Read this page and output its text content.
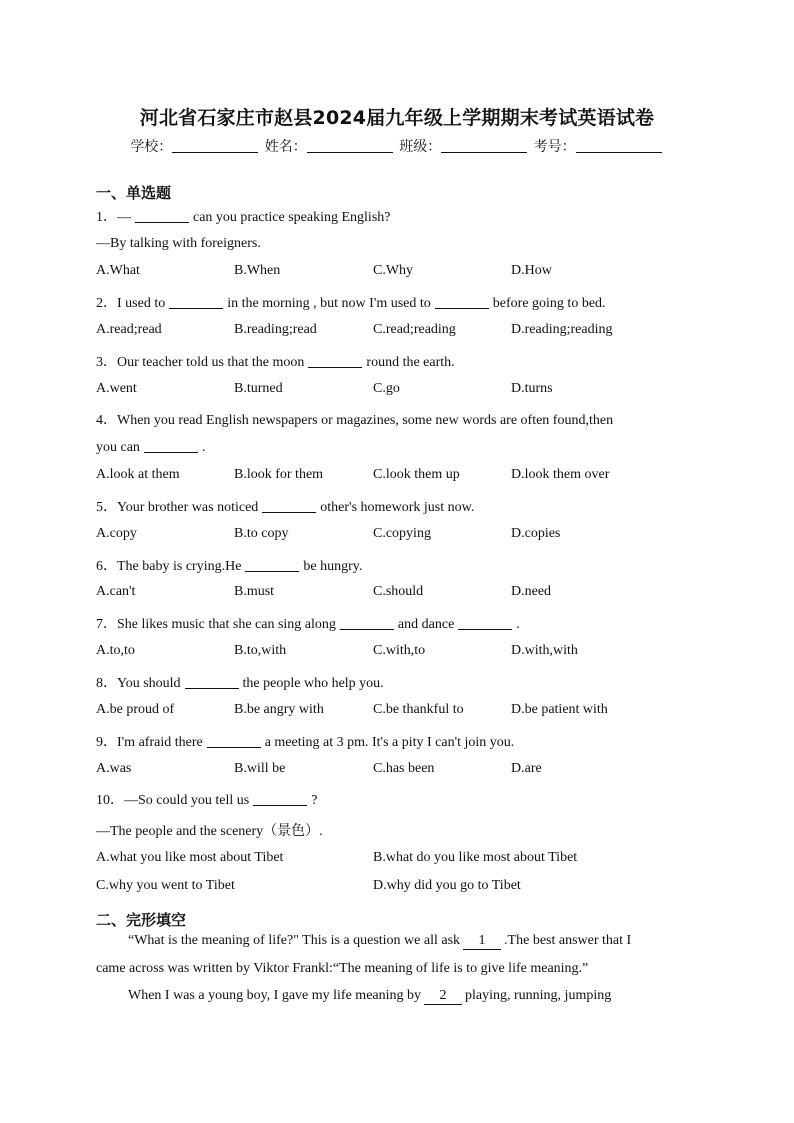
河北省石家庄市赵县2024届九年级上学期期末考试英语试卷
学校：	姓名：	班级：	考号：
一、单选题
1．—	can you practice speaking English?
—By talking with foreigners.
A.What	B.When	C.Why	D.How
2．I used to	in the morning , but now I'm used to	before going to bed.
A.read;read	B.reading;read	C.read;reading	D.reading;reading
3．Our teacher told us that the moon	round the earth.
A.went	B.turned	C.go	D.turns
4．When you read English newspapers or magazines, some new words are often found,then
you can	.
A.look at them	B.look for them	C.look them up	D.look them over
5．Your brother was noticed	other's homework just now.
A.copy	B.to copy	C.copying	D.copies
6．The baby is crying.He	be hungry.
A.can't	B.must	C.should	D.need
7．She likes music that she can sing along	and dance	.
A.to,to	B.to,with	C.with,to	D.with,with
8．You should	the people who help you.
A.be proud of	B.be angry with	C.be thankful to	D.be patient with
9．I'm afraid there	a meeting at 3 pm. It's a pity I can't join you.
A.was	B.will be	C.has been	D.are
10．—So could you tell us	?
—The people and the scenery（景色）.
A.what you like most about Tibet	B.what do you like most about Tibet
C.why you went to Tibet	D.why did you go to Tibet
二、完形填空
“What is the meaning of life?" This is a question we all ask 1 .The best answer that I
came across was written by Viktor Frankl:“The meaning of life is to give life meaning.”
When I was a young boy, I gave my life meaning by 2 playing, running, jumping
